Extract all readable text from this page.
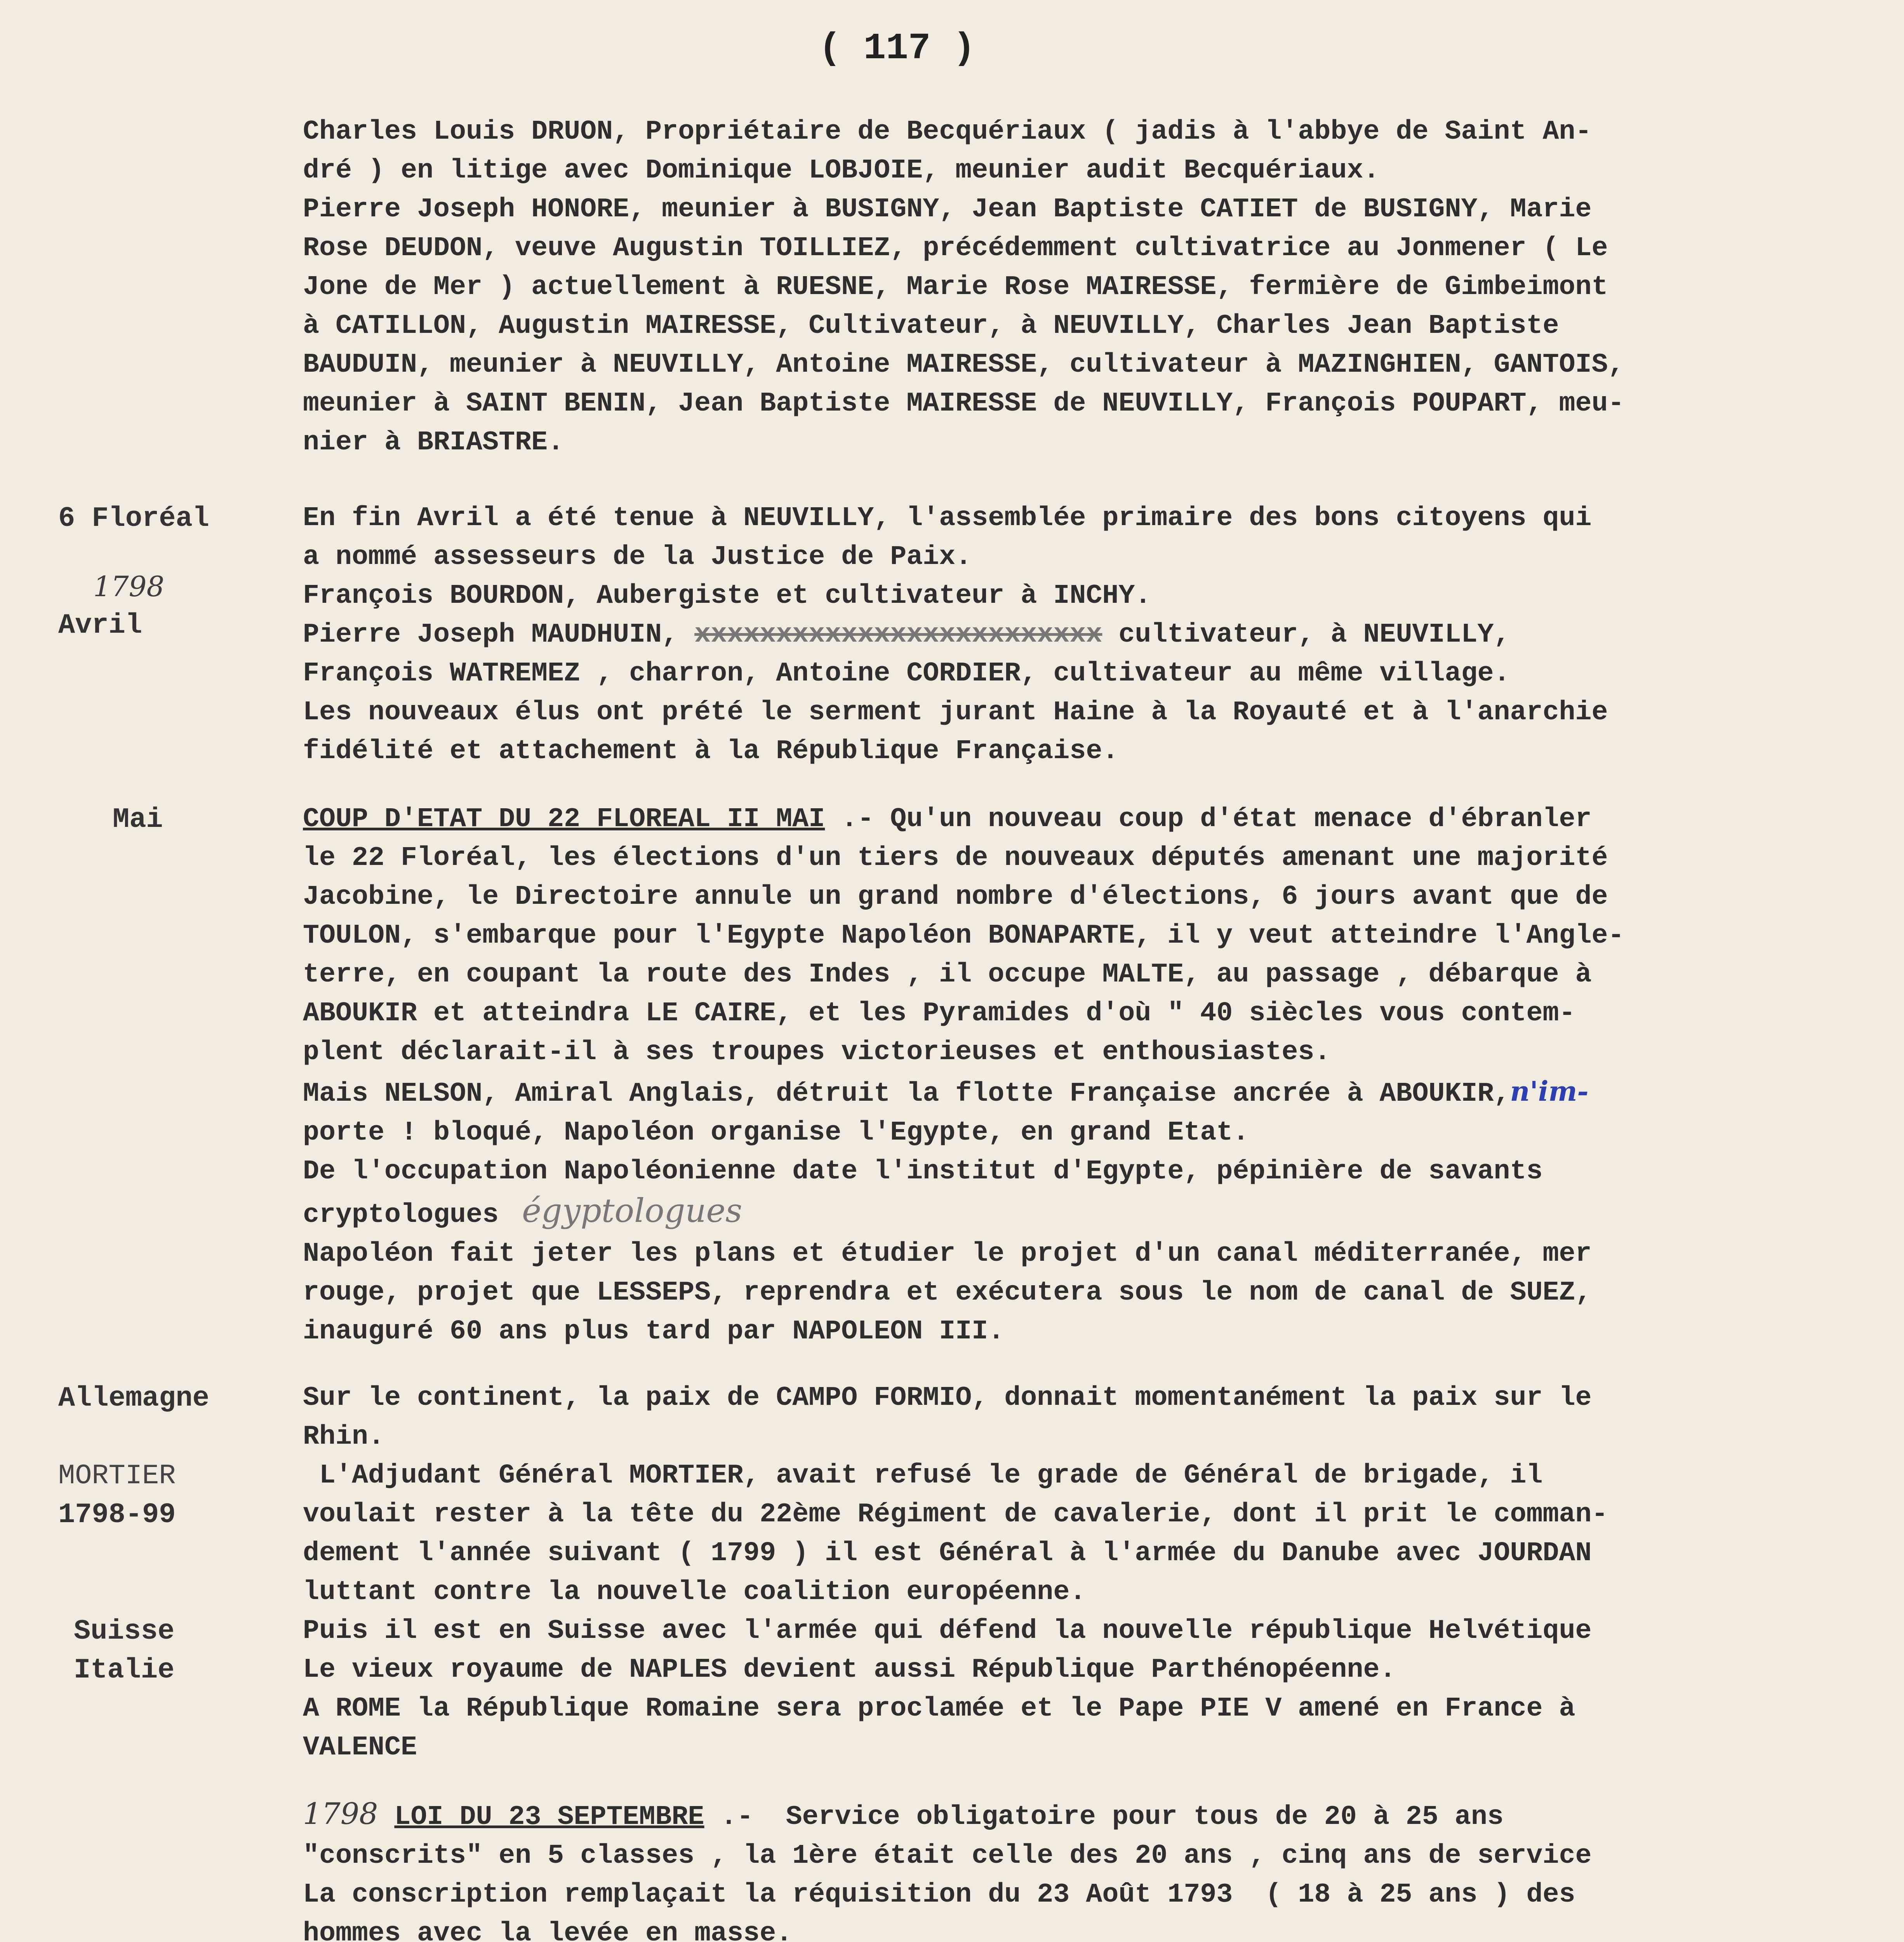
( 117 )
Charles Louis DRUON, Propriétaire de Becquériaux ( jadis à l'abbye de Saint An-
dré ) en litige avec Dominique LOBJOIE, meunier audit Becquériaux.
Pierre Joseph HONORE, meunier à BUSIGNY, Jean Baptiste CATIET de BUSIGNY, Marie
Rose DEUDON, veuve Augustin TOILLIEZ, précédemment cultivatrice au Jonmener ( Le
Jone de Mer ) actuellement à RUESNE, Marie Rose MAIRESSE, fermière de Gimbeimont
à CATILLON, Augustin MAIRESSE, Cultivateur, à NEUVILLY, Charles Jean Baptiste
BAUDUIN, meunier à NEUVILLY, Antoine MAIRESSE, cultivateur à MAZINGHIEN, GANTOIS,
meunier à SAINT BENIN, Jean Baptiste MAIRESSE de NEUVILLY, François POUPART, meu-
nier à BRIASTRE.
6 Floréal
1798
Avril
En fin Avril a été tenue à NEUVILLY, l'assemblée primaire des bons citoyens qui
a nommé assesseurs de la Justice de Paix.
François BOURDON, Aubergiste et cultivateur à INCHY.
Pierre Joseph MAUDHUIN, xxxxxxxxxxxxxxxxxxxxxxxxx cultivateur, à NEUVILLY,
François WATREMEZ , charron, Antoine CORDIER, cultivateur au même village.
Les nouveaux élus ont prété le serment jurant Haine à la Royauté et à l'anarchie
fidélité et attachement à la République Française.
Mai	COUP D'ETAT DU 22 FLOREAL II MAI .- Qu'un nouveau coup d'état menace d'ébranler
le 22 Floréal, les élections d'un tiers de nouveaux députés amenant une majorité
Jacobine, le Directoire annule un grand nombre d'élections, 6 jours avant que de
TOULON, s'embarque pour l'Egypte Napoléon BONAPARTE, il y veut atteindre l'Angle-
terre, en coupant la route des Indes , il occupe MALTE, au passage , débarque à
ABOUKIR et atteindra LE CAIRE, et les Pyramides d'où " 40 siècles vous contem-
plent déclarait-il à ses troupes victorieuses et enthousiastes.
Mais NELSON, Amiral Anglais, détruit la flotte Française ancrée à ABOUKIR,n'im-
porte ! bloqué, Napoléon organise l'Egypte, en grand Etat.
De l'occupation Napoléonienne date l'institut d'Egypte, pépinière de savants
cryptologues égyptologues
Napoléon fait jeter les plans et étudier le projet d'un canal méditerranée, mer
rouge, projet que LESSEPS, reprendra et exécutera sous le nom de canal de SUEZ,
inauguré 60 ans plus tard par NAPOLEON III.
Allemagne
MORTIER
1798-99
Suisse
Italie
Sur le continent, la paix de CAMPO FORMIO, donnait momentanément la paix sur le
Rhin.
L'Adjudant Général MORTIER, avait refusé le grade de Général de brigade, il
voulait rester à la tête du 22ème Régiment de cavalerie, dont il prit le comman-
dement l'année suivant ( 1799 ) il est Général à l'armée du Danube avec JOURDAN
luttant contre la nouvelle coalition européenne.
Puis il est en Suisse avec l'armée qui défend la nouvelle république Helvétique
Le vieux royaume de NAPLES devient aussi République Parthénopéenne.
A ROME la République Romaine sera proclamée et le Pape PIE V amené en France à
VALENCE
1798 LOI DU 23 SEPTEMBRE .-  Service obligatoire pour tous de 20 à 25 ans
"conscrits" en 5 classes , la 1ère était celle des 20 ans , cinq ans de service
La conscription remplaçait la réquisition du 23 Août 1793  ( 18 à 25 ans ) des
hommes avec la levée en masse.
